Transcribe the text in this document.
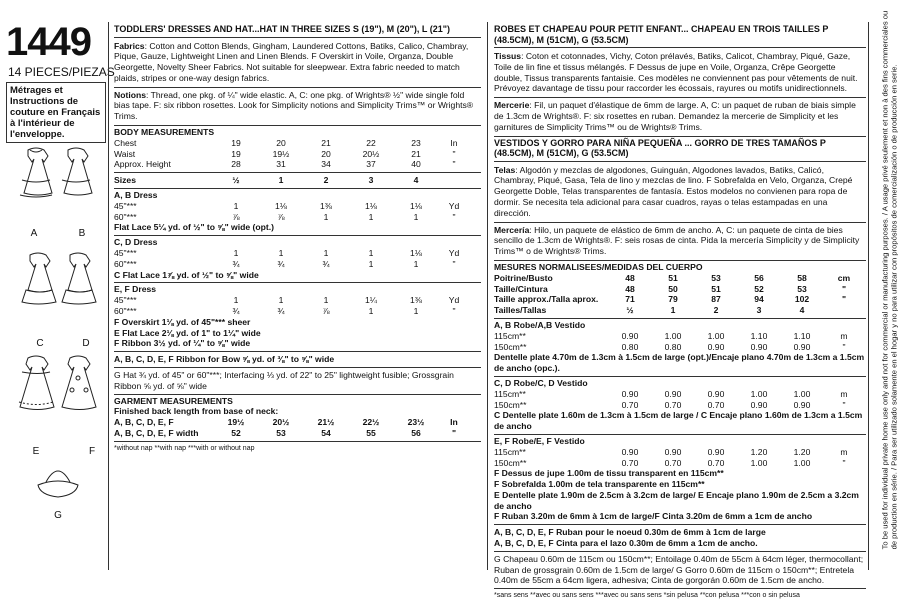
1449
14 PIECES/PIEZAS
Métrages et Instructions de couture en Français à l'intérieur de l'enveloppe.
A	B
C	D
E	F
G
TODDLERS' DRESSES AND HAT...HAT IN THREE SIZES S (19"), M (20"), L (21")

Fabrics: Cotton and Cotton Blends, Gingham, Laundered Cottons, Batiks, Calico, Chambray, Pique, Gauze, Lightweight Linen and Linen Blends. F Overskirt in Voile, Organza, Double Georgette, Novelty Sheer Fabrics. Not suitable for sleepwear. Extra fabric needed to match plaids, stripes or one-way design fabrics.

Notions: Thread, one pkg. of ¼" wide elastic. A, C: one pkg. of Wrights® ½" wide single fold bias tape. F: six ribbon rosettes. Look for Simplicity notions and Simplicity Trims™ or Wrights® Trims.

BODY MEASUREMENTS
Chest	19	20	21	22	23	In
Waist	19	19½	20	20½	21	"
Approx. Height	28	31	34	37	40	"
Sizes	½	1	2	3	4
A, B Dress
45"***	1	1⅛	1⅜	1⅛	1⅛	Yd
60"***	⅞	⅞	1	1	1	"
Flat Lace 5¼ yd. of ½" to ⅝" wide (opt.)
C, D Dress
45"***	1	1	1	1	1⅛	Yd
60"***	¾	¾	¾	1	1	"
C Flat Lace 1⅞ yd. of ½" to ⅝" wide
E, F Dress
45"***	1	1	1	1¼	1⅜	Yd
60"***	¾	¾	⅞	1	1	"
F Overskirt 1⅛ yd. of 45"*** sheer
E Flat Lace 2⅛ yd. of 1" to 1¼" wide
F Ribbon 3½ yd. of ¼" to ⅝" wide
A, B, C, D, E, F Ribbon for Bow ⅝ yd. of ⅜" to ⅝" wide
G Hat ¾ yd. of 45" or 60"***; Interfacing ⅓ yd. of 22" to 25" lightweight fusible; Grossgrain Ribbon ⅝ yd. of ⅝" wide
GARMENT MEASUREMENTS
Finished back length from base of neck:
A, B, C, D, E, F	19½	20½	21½	22½	23½	In
A, B, C, D, E, F width	52	53	54	55	56	"
*without nap **with nap ***with or without nap
ROBES ET CHAPEAU POUR PETIT ENFANT... CHAPEAU EN TROIS TAILLES P (48.5CM), M (51CM), G (53.5CM)

Tissus: Coton et cotonnades, Vichy, Coton prélavés, Batiks, Calicot, Chambray, Piqué, Gaze, Toile de lin fine et tissus mélangés. F Dessus de jupe en Voile, Organza, Crêpe Georgette double, Tissus transparents fantaisie. Ces modèles ne conviennent pas pour vêtements de nuit. Prévoyez davantage de tissu pour raccorder les écossais, rayures ou motifs unidirectionnels.

Mercerie: Fil, un paquet d'élastique de 6mm de large. A, C: un paquet de ruban de biais simple de 1.3cm de Wrights®. F: six rosettes en ruban. Demandez la mercerie de Simplicity et les garnitures de Simplicity Trims™ ou de Wrights® Trims.

VESTIDOS Y GORRO PARA NIÑA PEQUEÑA ... GORRO DE TRES TAMAÑOS P (48.5CM), M (51CM), G (53.5CM)

Telas: Algodón y mezclas de algodones, Guinguán, Algodones lavados, Batiks, Calicó, Chambray, Piqué, Gasa, Tela de lino y mezclas de lino. F Sobrefalda en Velo, Organza, Crepé Georgette Doble, Telas transparentes de fantasía. Estos modelos no convienen para ropa de dormir. Se necesita tela adicional para casar cuadros, rayas o telas estampadas en una dirección.

Mercería: Hilo, un paquete de elástico de 6mm de ancho. A, C: un paquete de cinta de bies sencillo de 1.3cm de Wrights®. F: seis rosas de cinta. Pida la mercería Simplicity y de Simplicity Trims™ o de Wrights® Trims.

MESURES NORMALISEES/MEDIDAS DEL CUERPO
Poitrine/Busto	48	51	53	56	58	cm
Taille/Cintura	48	50	51	52	53	"
Taille approx./Talla aprox.	71	79	87	94	102	"
Tailles/Tallas	½	1	2	3	4
A, B Robe/A,B Vestido
115cm**	0.90	1.00	1.00	1.10	1.10	m
150cm**	0.80	0.80	0.90	0.90	0.90	"
Dentelle plate 4.70m de 1.3cm à 1.5cm de large (opt.)/Encaje plano 4.70m de 1.3cm a 1.5cm de ancho (opc.).
C, D Robe/C, D Vestido
115cm**	0.90	0.90	0.90	1.00	1.00	m
150cm**	0.70	0.70	0.70	0.90	0.90	"
C Dentelle plate 1.60m de 1.3cm à 1.5cm de large / C Encaje plano 1.60m de 1.3cm a 1.5cm de ancho
E, F Robe/E, F Vestido
115cm**	0.90	0.90	0.90	1.20	1.20	m
150cm**	0.70	0.70	0.70	1.00	1.00	"
F Dessus de jupe 1.00m de tissu transparent en 115cm**
F Sobrefalda 1.00m de tela transparente en 115cm**
E Dentelle plate 1.90m de 2.5cm à 3.2cm de large/ E Encaje plano 1.90m de 2.5cm a 3.2cm de ancho
F Ruban 3.20m de 6mm à 1cm de large/F Cinta 3.20m de 6mm a 1cm de ancho
A, B, C, D, E, F Ruban pour le noeud 0.30m de 6mm à 1cm de large
A, B, C, D, E, F Cinta para el lazo 0.30m de 6mm a 1cm de ancho.
G Chapeau 0.60m de 115cm ou 150cm**; Entoilage 0.40m de 55cm à 64cm léger, thermocollant; Ruban de grossgrain 0.60m de 1.5cm de large/ G Gorro 0.60m de 115cm o 150cm**; Entretela 0.40m de 55cm a 64cm ligera, adhesiva; Cinta de gorgorán 0.60m de 1.5cm de ancho.
*sans sens **avec ou sans sens ***avec ou sans sens *sin pelusa **con pelusa ***con o sin pelusa
To be used for individual private home use only and not for commercial or manufacturing purposes. / A usage privé seulement et non à des fins commerciales ou de production en série. / Para ser utilizado solamente en el hogar y no para utilizar con propósitos de comercialización o de producción en serie.
